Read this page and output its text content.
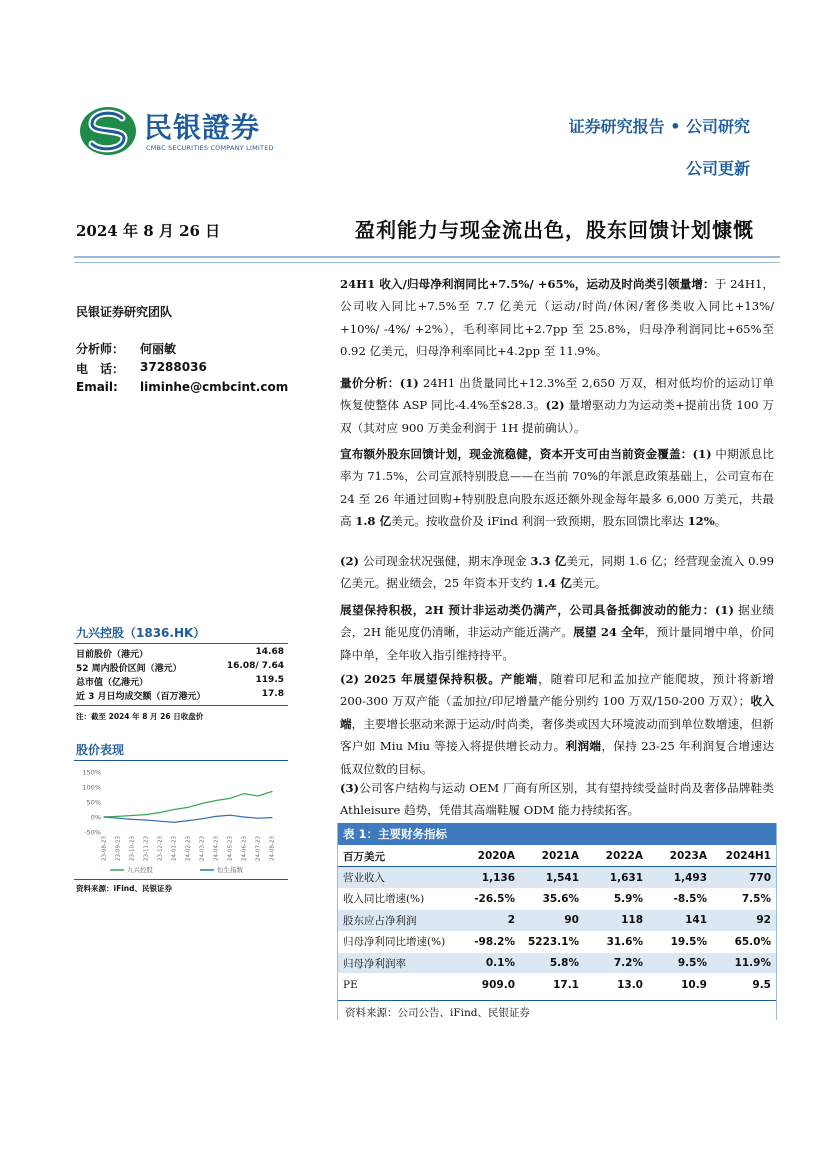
民银證券
CMBC SECURITIES COMPANY LIMITED
证券研究报告 • 公司研究
公司更新
2024 年 8 月 26 日	盈利能力与现金流出色，股东回馈计划慷慨
民银证券研究团队
分析师： 何丽敏
电　话： 37288036
Email: liminhe@cmbcint.com
九兴控股（1836.HK）
目前股价（港元）	14.68
52 周内股价区间（港元）	16.08/ 7.64
总市值（亿港元）	119.5
近 3 月日均成交额（百万港元）	17.8
注：截至 2024 年 8 月 26 日收盘价
股价表现
150%
100%
50%
0%
-50%
23-08-23 23-09-23 23-10-23 23-11-23 23-12-23 24-01-23 24-02-23 24-03-23 24-04-23 24-05-23 24-06-23 24-07-23 24-08-23
九兴控股	恒生指数
资料来源：iFind、民银证券
24H1 收入/归母净利润同比+7.5%/ +65%，运动及时尚类引领量增：于 24H1，公司收入同比+7.5%至 7.7 亿美元（运动/时尚/休闲/奢侈类收入同比+13%/ +10%/ -4%/ +2%），毛利率同比+2.7pp 至 25.8%，归母净利润同比+65%至 0.92 亿美元，归母净利率同比+4.2pp 至 11.9%。
量价分析：(1) 24H1 出货量同比+12.3%至 2,650 万双，相对低均价的运动订单恢复使整体 ASP 同比-4.4%至$28.3。(2) 量增驱动力为运动类+提前出货 100 万双（其对应 900 万美金利润于 1H 提前确认）。
宣布额外股东回馈计划，现金流稳健，资本开支可由当前资金覆盖：(1) 中期派息比率为 71.5%，公司宣派特别股息——在当前 70%的年派息政策基础上，公司宣布在 24 至 26 年通过回购+特别股息向股东返还额外现金每年最多 6,000 万美元，共最高 1.8 亿美元。按收盘价及 iFind 利润一致预期，股东回馈比率达 12%。
(2) 公司现金状况强健，期末净现金 3.3 亿美元，同期 1.6 亿；经营现金流入 0.99 亿美元。据业绩会，25 年资本开支约 1.4 亿美元。
展望保持积极，2H 预计非运动类仍满产，公司具备抵御波动的能力：(1) 据业绩会，2H 能见度仍清晰，非运动产能近满产。展望 24 全年，预计量同增中单，价同降中单，全年收入指引维持持平。
(2) 2025 年展望保持积极。产能端，随着印尼和孟加拉产能爬坡，预计将新增 200-300 万双产能（孟加拉/印尼增量产能分别约 100 万双/150-200 万双）；收入端，主要增长驱动来源于运动/时尚类，奢侈类或因大环境波动而到单位数增速，但新客户如 Miu Miu 等接入将提供增长动力。利润端，保持 23-25 年利润复合增速达低双位数的目标。
(3)公司客户结构与运动 OEM 厂商有所区别，其有望持续受益时尚及奢侈品牌鞋类 Athleisure 趋势，凭借其高端鞋履 ODM 能力持续拓客。
表 1：主要财务指标					
百万美元	2020A	2021A	2022A	2023A	2024H1
营业收入	1,136	1,541	1,631	1,493	770
收入同比增速(%)	-26.5%	35.6%	5.9%	-8.5%	7.5%
股东应占净利润	2	90	118	141	92
归母净利同比增速(%)	-98.2%	5223.1%	31.6%	19.5%	65.0%
归母净利润率	0.1%	5.8%	7.2%	9.5%	11.9%
PE	909.0	17.1	13.0	10.9	9.5
资料来源：公司公告、iFind、民银证券
